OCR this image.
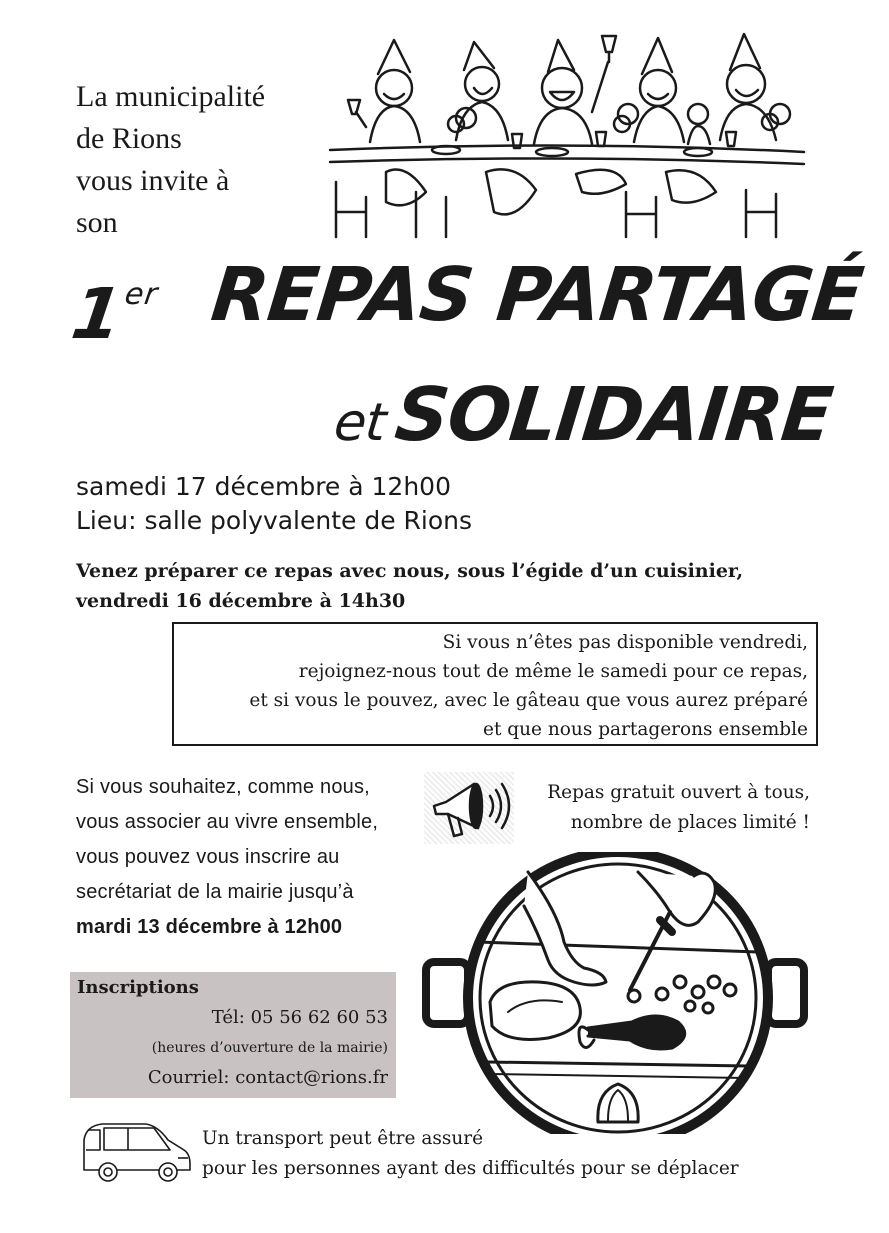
La municipalité
de Rions
vous invite à
son
1er REPAS PARTAGÉ
etSOLIDAIRE
samedi 17 décembre à 12h00
Lieu: salle polyvalente de Rions
Venez préparer ce repas avec nous, sous l’égide d’un cuisinier,
vendredi 16 décembre à 14h30
Si vous n’êtes pas disponible vendredi,
rejoignez-nous tout de même le samedi pour ce repas,
et si vous le pouvez, avec le gâteau que vous aurez préparé
et que nous partagerons ensemble
Si vous souhaitez, comme nous,
vous associer au vivre ensemble,
vous pouvez vous inscrire au
secrétariat de la mairie jusqu’à
mardi 13 décembre à 12h00
Repas gratuit ouvert à tous,
nombre de places limité !
Inscriptions
Tél: 05 56 62 60 53
(heures d’ouverture de la mairie)
Courriel: contact@rions.fr
Un transport peut être assuré
pour les personnes ayant des difficultés pour se déplacer
